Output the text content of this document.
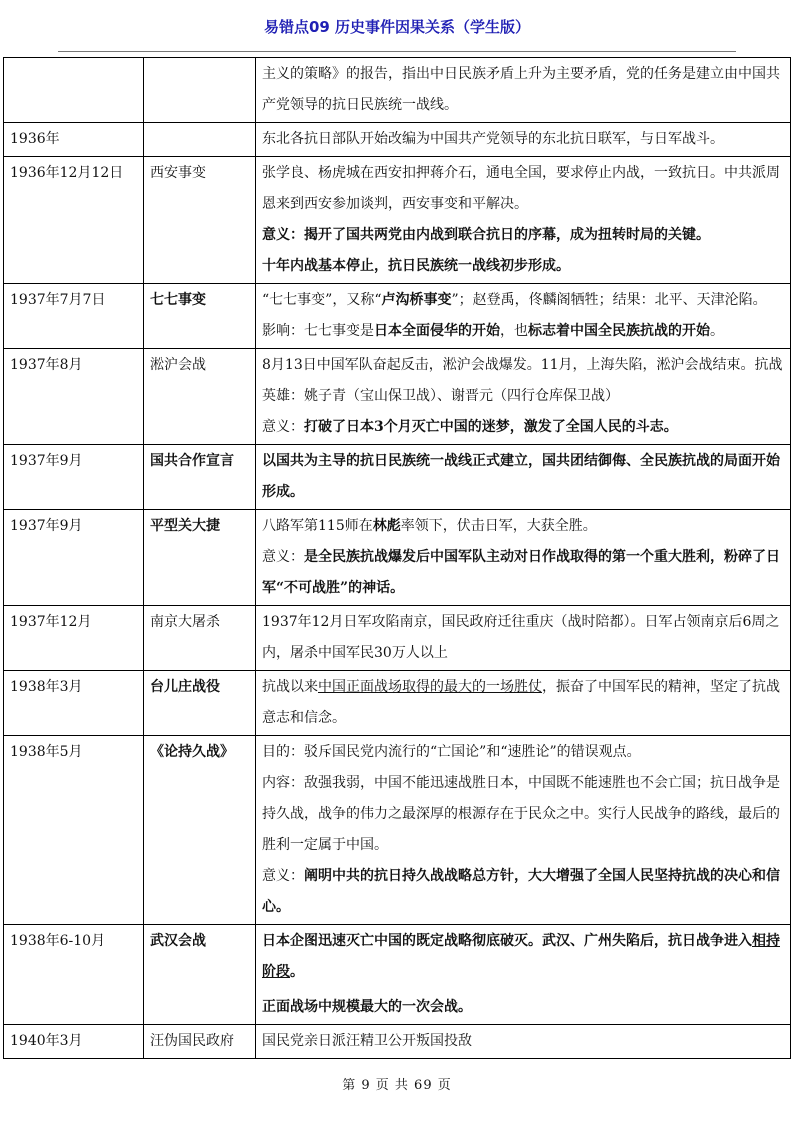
易错点09 历史事件因果关系（学生版）
		主义的策略》的报告，指出中日民族矛盾上升为主要矛盾，党的任务是建立由中国共产党领导的抗日民族统一战线。
1936年		东北各抗日部队开始改编为中国共产党领导的东北抗日联军，与日军战斗。
1936年12月12日	西安事变	张学良、杨虎城在西安扣押蒋介石，通电全国，要求停止内战，一致抗日。中共派周恩来到西安参加谈判，西安事变和平解决。
意义：揭开了国共两党由内战到联合抗日的序幕，成为扭转时局的关键。
十年内战基本停止，抗日民族统一战线初步形成。

1937年7月7日	七七事变	“七七事变”，又称“卢沟桥事变”；赵登禹，佟麟阁牺牲；结果：北平、天津沦陷。
影响：七七事变是日本全面侵华的开始，也标志着中国全民族抗战的开始。

1937年8月	淞沪会战	8月13日中国军队奋起反击，淞沪会战爆发。11月，上海失陷，淞沪会战结束。抗战英雄：姚子青（宝山保卫战）、谢晋元（四行仓库保卫战）
意义：打破了日本3个月灭亡中国的迷梦，激发了全国人民的斗志。

1937年9月	国共合作宣言	以国共为主导的抗日民族统一战线正式建立，国共团结御侮、全民族抗战的局面开始形成。
1937年9月	平型关大捷	八路军第115师在林彪率领下，伏击日军，大获全胜。
意义：是全民族抗战爆发后中国军队主动对日作战取得的第一个重大胜利，粉碎了日军“不可战胜”的神话。

1937年12月	南京大屠杀	1937年12月日军攻陷南京，国民政府迁往重庆（战时陪都）。日军占领南京后6周之内，屠杀中国军民30万人以上
1938年3月	台儿庄战役	抗战以来中国正面战场取得的最大的一场胜仗，振奋了中国军民的精神，坚定了抗战意志和信念。
1938年5月	《论持久战》	目的：驳斥国民党内流行的“亡国论”和“速胜论”的错误观点。
内容：敌强我弱，中国不能迅速战胜日本，中国既不能速胜也不会亡国；抗日战争是持久战，战争的伟力之最深厚的根源存在于民众之中。实行人民战争的路线，最后的胜利一定属于中国。
意义：阐明中共的抗日持久战战略总方针，大大增强了全国人民坚持抗战的决心和信心。

1938年6-10月	武汉会战	日本企图迅速灭亡中国的既定战略彻底破灭。武汉、广州失陷后，抗日战争进入相持阶段。
正面战场中规模最大的一次会战。

1940年3月	汪伪国民政府	国民党亲日派汪精卫公开叛国投敌
第 9 页 共 69 页
